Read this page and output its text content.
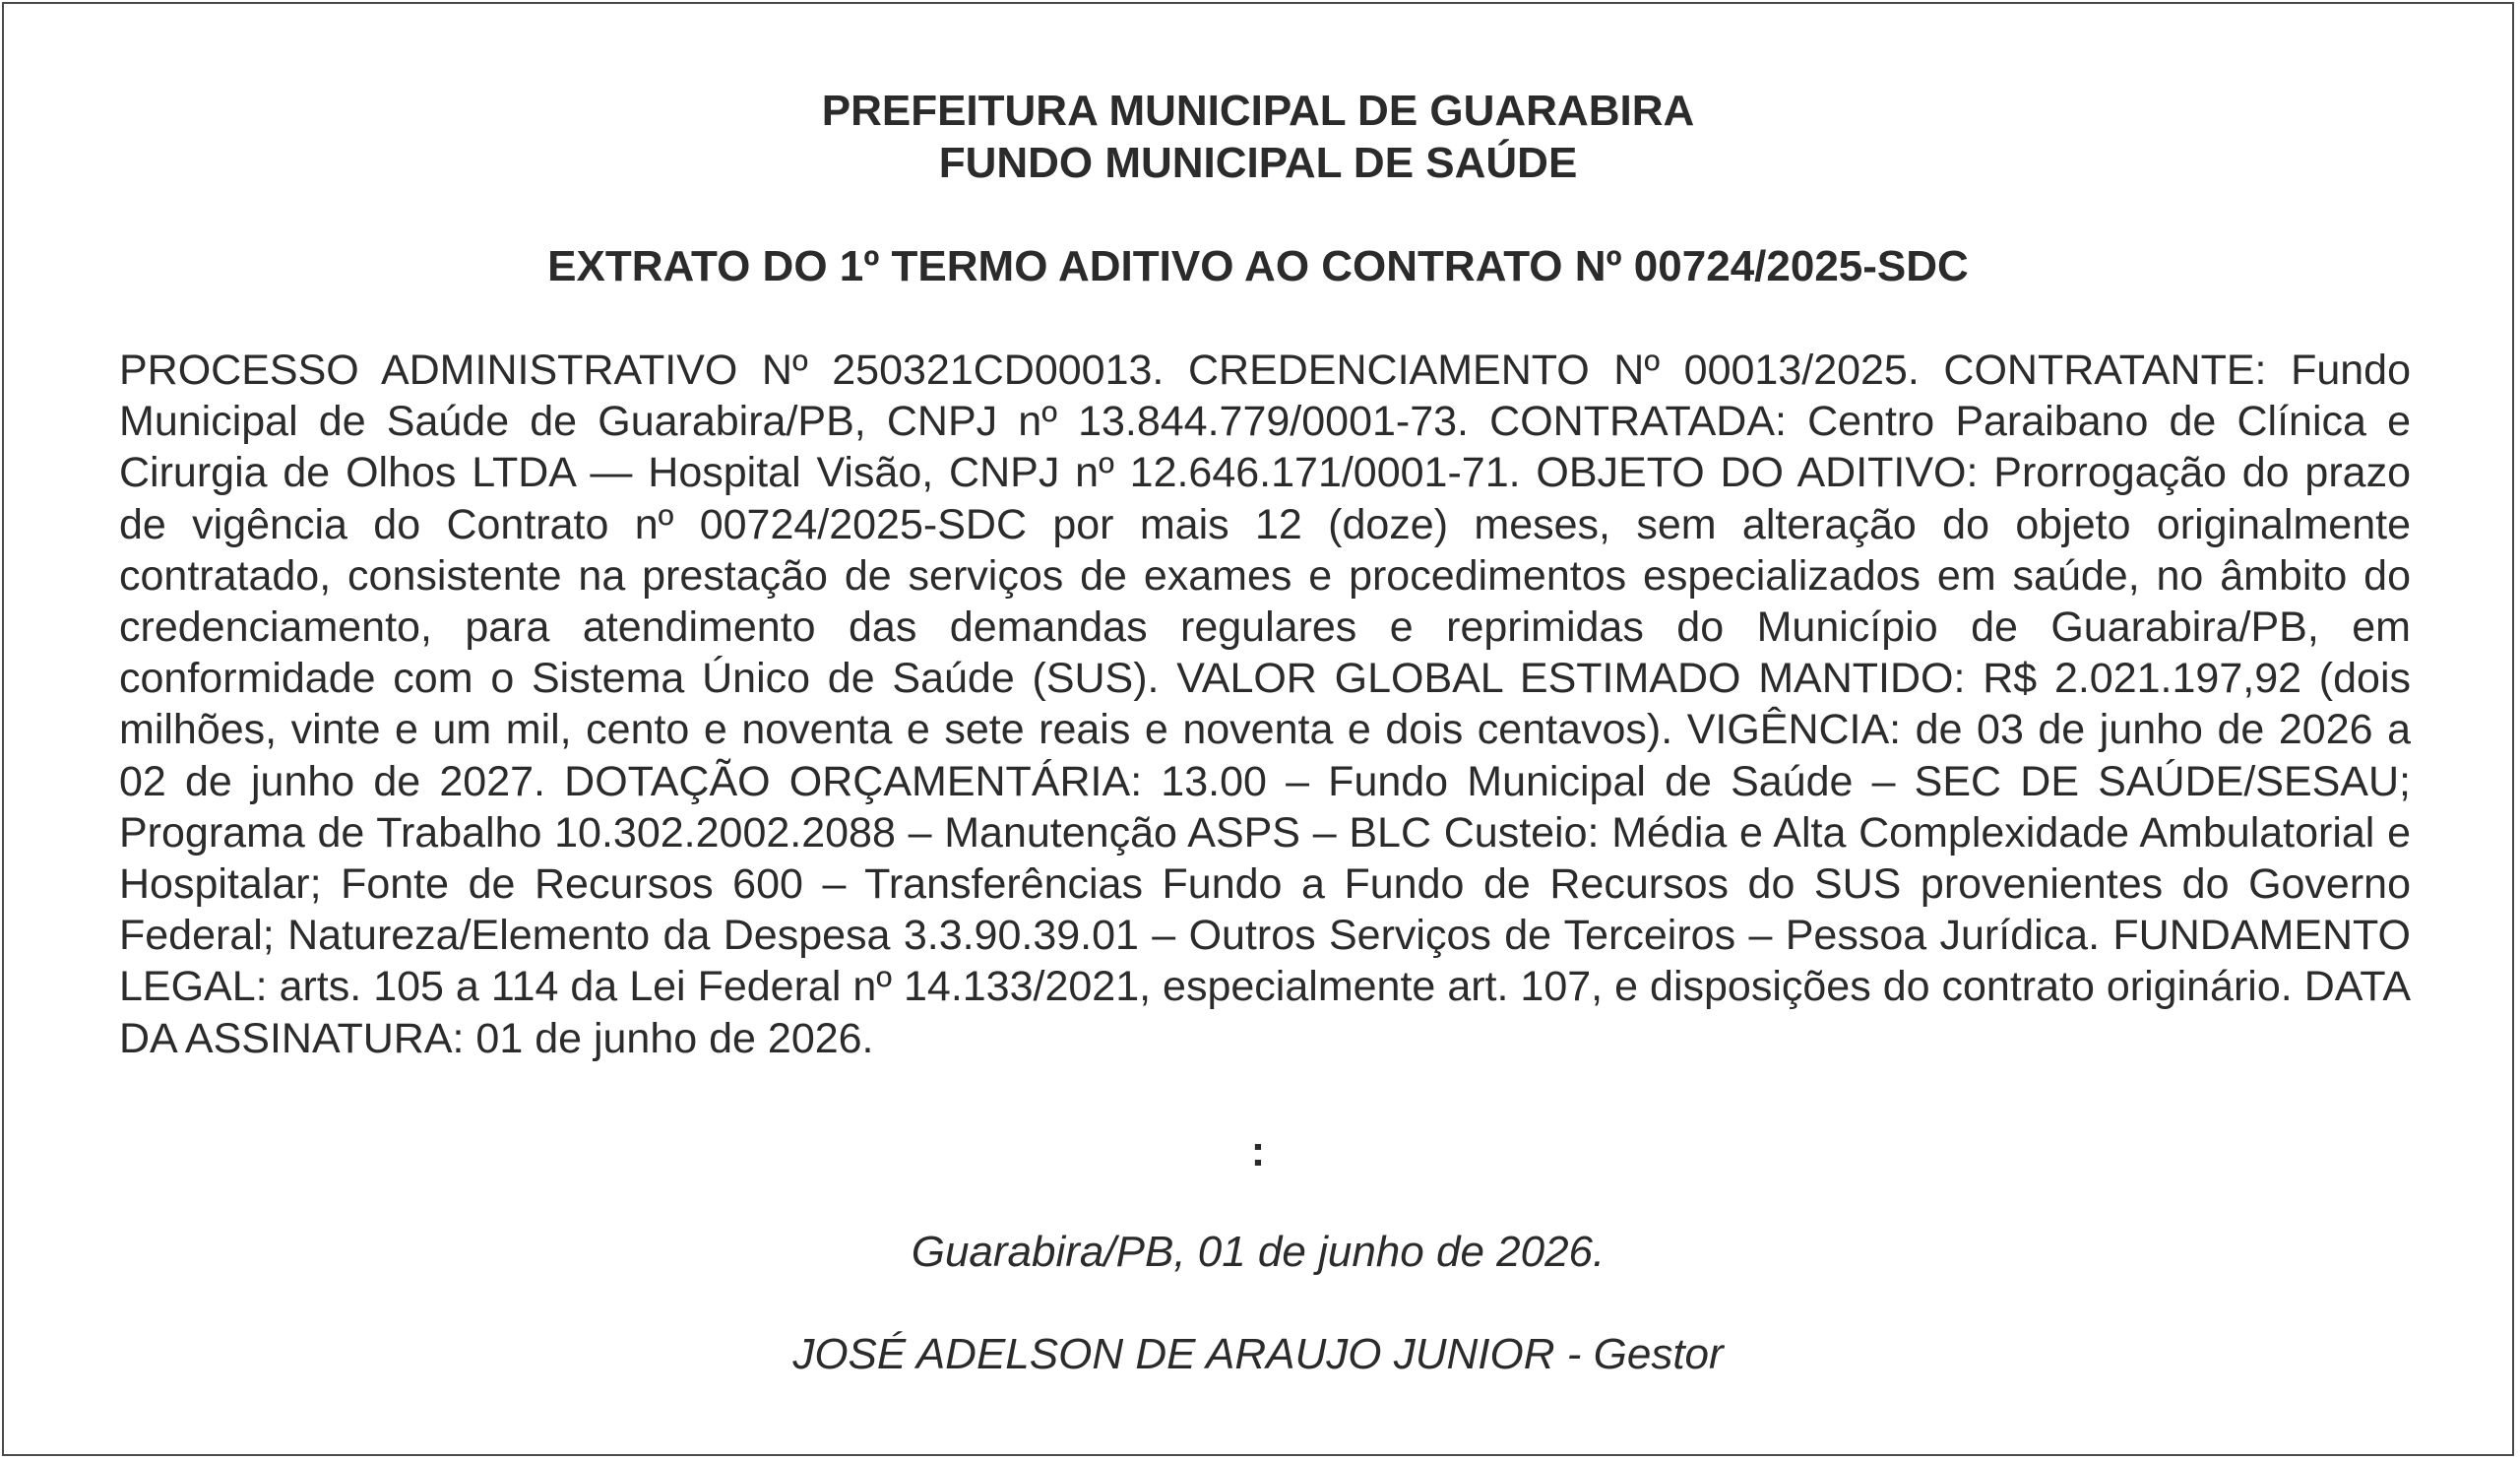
PREFEITURA MUNICIPAL DE GUARABIRA
FUNDO MUNICIPAL DE SAÚDE
EXTRATO DO 1º TERMO ADITIVO AO CONTRATO Nº 00724/2025-SDC

PROCESSO ADMINISTRATIVO Nº 250321CD00013. CREDENCIAMENTO Nº 00013/2025. CONTRATANTE: Fundo Municipal de Saúde de Guarabira/PB, CNPJ nº 13.844.779/0001-73. CONTRATADA: Centro Paraibano de Clínica e Cirurgia de Olhos LTDA — Hospital Visão, CNPJ nº 12.646.171/0001-71. OBJETO DO ADITIVO: Prorrogação do prazo de vigência do Contrato nº 00724/2025-SDC por mais 12 (doze) meses, sem alteração do objeto originalmente contratado, consistente na prestação de serviços de exames e procedimentos especializados em saúde, no âmbito do credenciamento, para atendimento das demandas regulares e reprimidas do Município de Guarabira/PB, em conformidade com o Sistema Único de Saúde (SUS). VALOR GLOBAL ESTIMADO MANTIDO: R$ 2.021.197,92 (dois milhões, vinte e um mil, cento e noventa e sete reais e noventa e dois centavos). VIGÊNCIA: de 03 de junho de 2026 a 02 de junho de 2027. DOTAÇÃO ORÇAMENTÁRIA: 13.00 – Fundo Municipal de Saúde – SEC DE SAÚDE/SESAU; Programa de Trabalho 10.302.2002.2088 – Manutenção ASPS – BLC Custeio: Média e Alta Complexidade Ambulatorial e Hospitalar; Fonte de Recursos 600 – Transferências Fundo a Fundo de Recursos do SUS provenientes do Governo Federal; Natureza/Elemento da Despesa 3.3.90.39.01 – Outros Serviços de Terceiros – Pessoa Jurídica. FUNDAMENTO LEGAL: arts. 105 a 114 da Lei Federal nº 14.133/2021, especialmente art. 107, e disposições do contrato originário. DATA DA ASSINATURA: 01 de junho de 2026.

:
Guarabira/PB, 01 de junho de 2026.
JOSÉ ADELSON DE ARAUJO JUNIOR - Gestor
